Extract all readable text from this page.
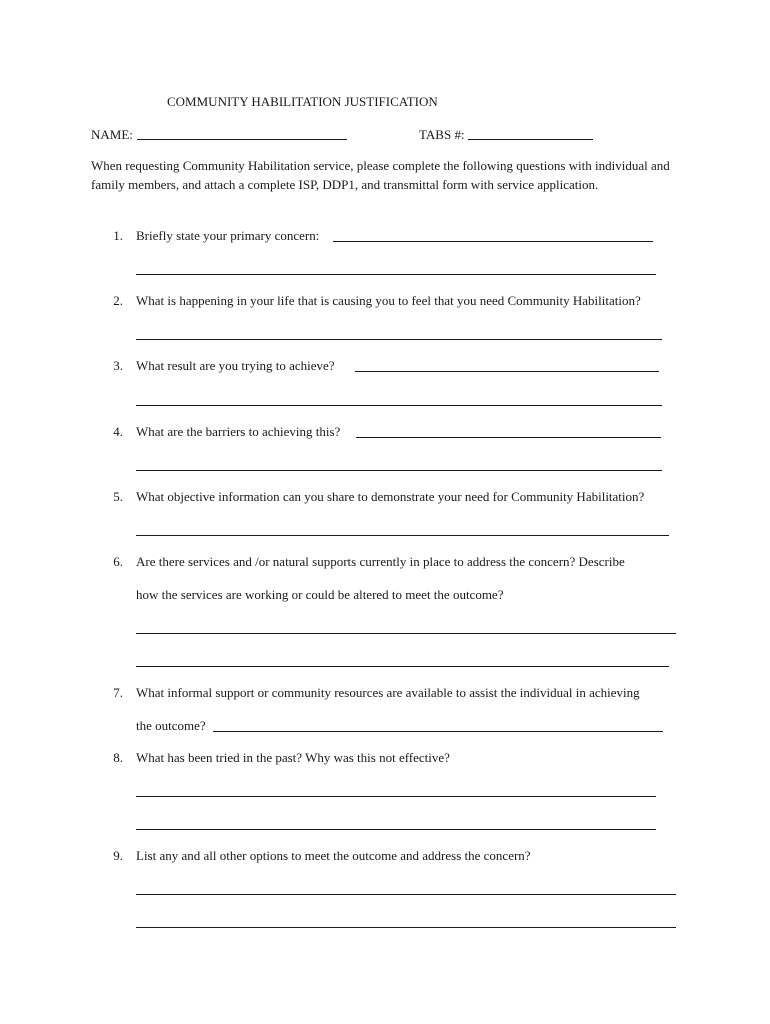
COMMUNITY HABILITATION JUSTIFICATION
NAME:	TABS #:
When requesting Community Habilitation service, please complete the following questions with individual and family members, and attach a complete ISP, DDP1, and transmittal form with service application.
1. Briefly state your primary concern:
2. What is happening in your life that is causing you to feel that you need Community Habilitation?
3. What result are you trying to achieve?
4. What are the barriers to achieving this?
5. What objective information can you share to demonstrate your need for Community Habilitation?
6. Are there services and /or natural supports currently in place to address the concern? Describe
how the services are working or could be altered to meet the outcome?
7. What informal support or community resources are available to assist the individual in achieving
the outcome?
8. What has been tried in the past? Why was this not effective?
9. List any and all other options to meet the outcome and address the concern?
